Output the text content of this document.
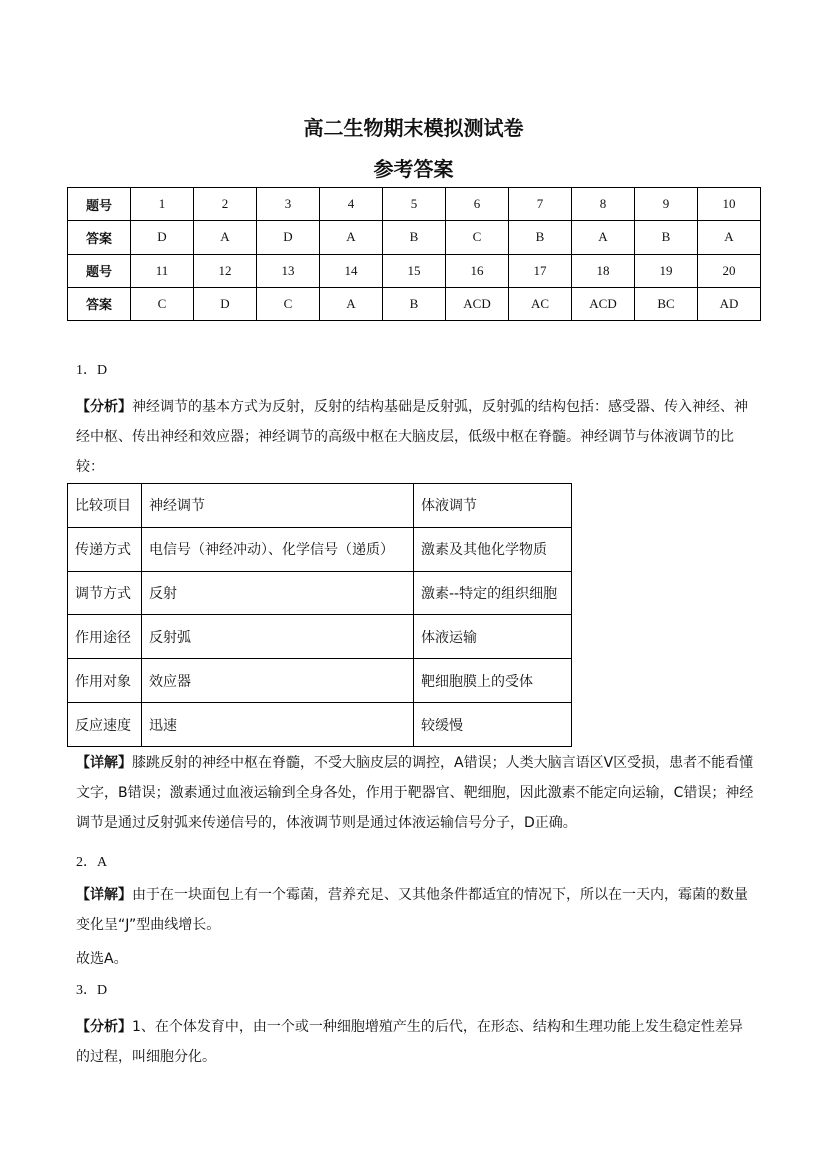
高二生物期末模拟测试卷
参考答案
题号	1	2	3	4	5	6	7	8	9	10
答案	D	A	D	A	B	C	B	A	B	A
题号	11	12	13	14	15	16	17	18	19	20
答案	C	D	C	A	B	ACD	AC	ACD	BC	AD
1．D
【分析】神经调节的基本方式为反射，反射的结构基础是反射弧，反射弧的结构包括：感受器、传入神经、神经中枢、传出神经和效应器；神经调节的高级中枢在大脑皮层，低级中枢在脊髓。神经调节与体液调节的比较：
比较项目	神经调节	体液调节
传递方式	电信号（神经冲动）、化学信号（递质）	激素及其他化学物质
调节方式	反射	激素--特定的组织细胞
作用途径	反射弧	体液运输
作用对象	效应器	靶细胞膜上的受体
反应速度	迅速	较缓慢
【详解】膝跳反射的神经中枢在脊髓，不受大脑皮层的调控，A错误；人类大脑言语区V区受损，患者不能看懂文字，B错误；激素通过血液运输到全身各处，作用于靶器官、靶细胞，因此激素不能定向运输，C错误；神经调节是通过反射弧来传递信号的，体液调节则是通过体液运输信号分子，D正确。
2．A
【详解】由于在一块面包上有一个霉菌，营养充足、又其他条件都适宜的情况下，所以在一天内，霉菌的数量变化呈“J”型曲线增长。
故选A。
3．D
【分析】1、在个体发育中，由一个或一种细胞增殖产生的后代，在形态、结构和生理功能上发生稳定性差异的过程，叫细胞分化。
